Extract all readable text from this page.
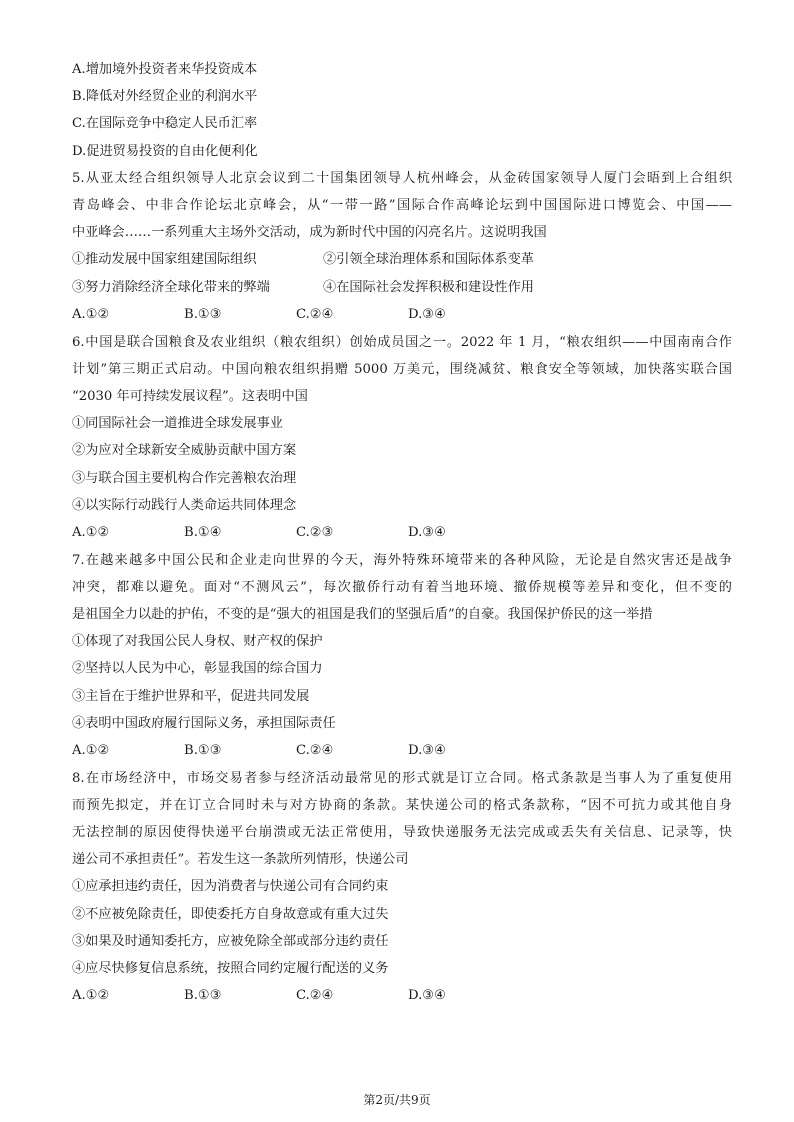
A.增加境外投资者来华投资成本
B.降低对外经贸企业的利润水平
C.在国际竞争中稳定人民币汇率
D.促进贸易投资的自由化便利化
5.从亚太经合组织领导人北京会议到二十国集团领导人杭州峰会，从金砖国家领导人厦门会晤到上合组织
青岛峰会、中非合作论坛北京峰会，从“一带一路”国际合作高峰论坛到中国国际进口博览会、中国——
中亚峰会……一系列重大主场外交活动，成为新时代中国的闪亮名片。这说明我国
①推动发展中国家组建国际组织	②引领全球治理体系和国际体系变革
③努力消除经济全球化带来的弊端	④在国际社会发挥积极和建设性作用
A.①②	B.①③	C.②④	D.③④
6.中国是联合国粮食及农业组织（粮农组织）创始成员国之一。2022 年 1 月，“粮农组织——中国南南合作
计划”第三期正式启动。中国向粮农组织捐赠 5000 万美元，围绕减贫、粮食安全等领域，加快落实联合国
“2030 年可持续发展议程”。这表明中国
①同国际社会一道推进全球发展事业
②为应对全球新安全威胁贡献中国方案
③与联合国主要机构合作完善粮农治理
④以实际行动践行人类命运共同体理念
A.①②	B.①④	C.②③	D.③④
7.在越来越多中国公民和企业走向世界的今天，海外特殊环境带来的各种风险，无论是自然灾害还是战争
冲突，都难以避免。面对“不测风云”，每次撤侨行动有着当地环境、撤侨规模等差异和变化，但不变的
是祖国全力以赴的护佑，不变的是“强大的祖国是我们的坚强后盾”的自豪。我国保护侨民的这一举措
①体现了对我国公民人身权、财产权的保护
②坚持以人民为中心，彰显我国的综合国力
③主旨在于维护世界和平，促进共同发展
④表明中国政府履行国际义务，承担国际责任
A.①②	B.①③	C.②④	D.③④
8.在市场经济中，市场交易者参与经济活动最常见的形式就是订立合同。格式条款是当事人为了重复使用
而预先拟定，并在订立合同时未与对方协商的条款。某快递公司的格式条款称，“因不可抗力或其他自身
无法控制的原因使得快递平台崩溃或无法正常使用，导致快递服务无法完成或丢失有关信息、记录等，快
递公司不承担责任”。若发生这一条款所列情形，快递公司
①应承担违约责任，因为消费者与快递公司有合同约束
②不应被免除责任，即使委托方自身故意或有重大过失
③如果及时通知委托方，应被免除全部或部分违约责任
④应尽快修复信息系统，按照合同约定履行配送的义务
A.①②	B.①③	C.②④	D.③④
第2页/共9页
